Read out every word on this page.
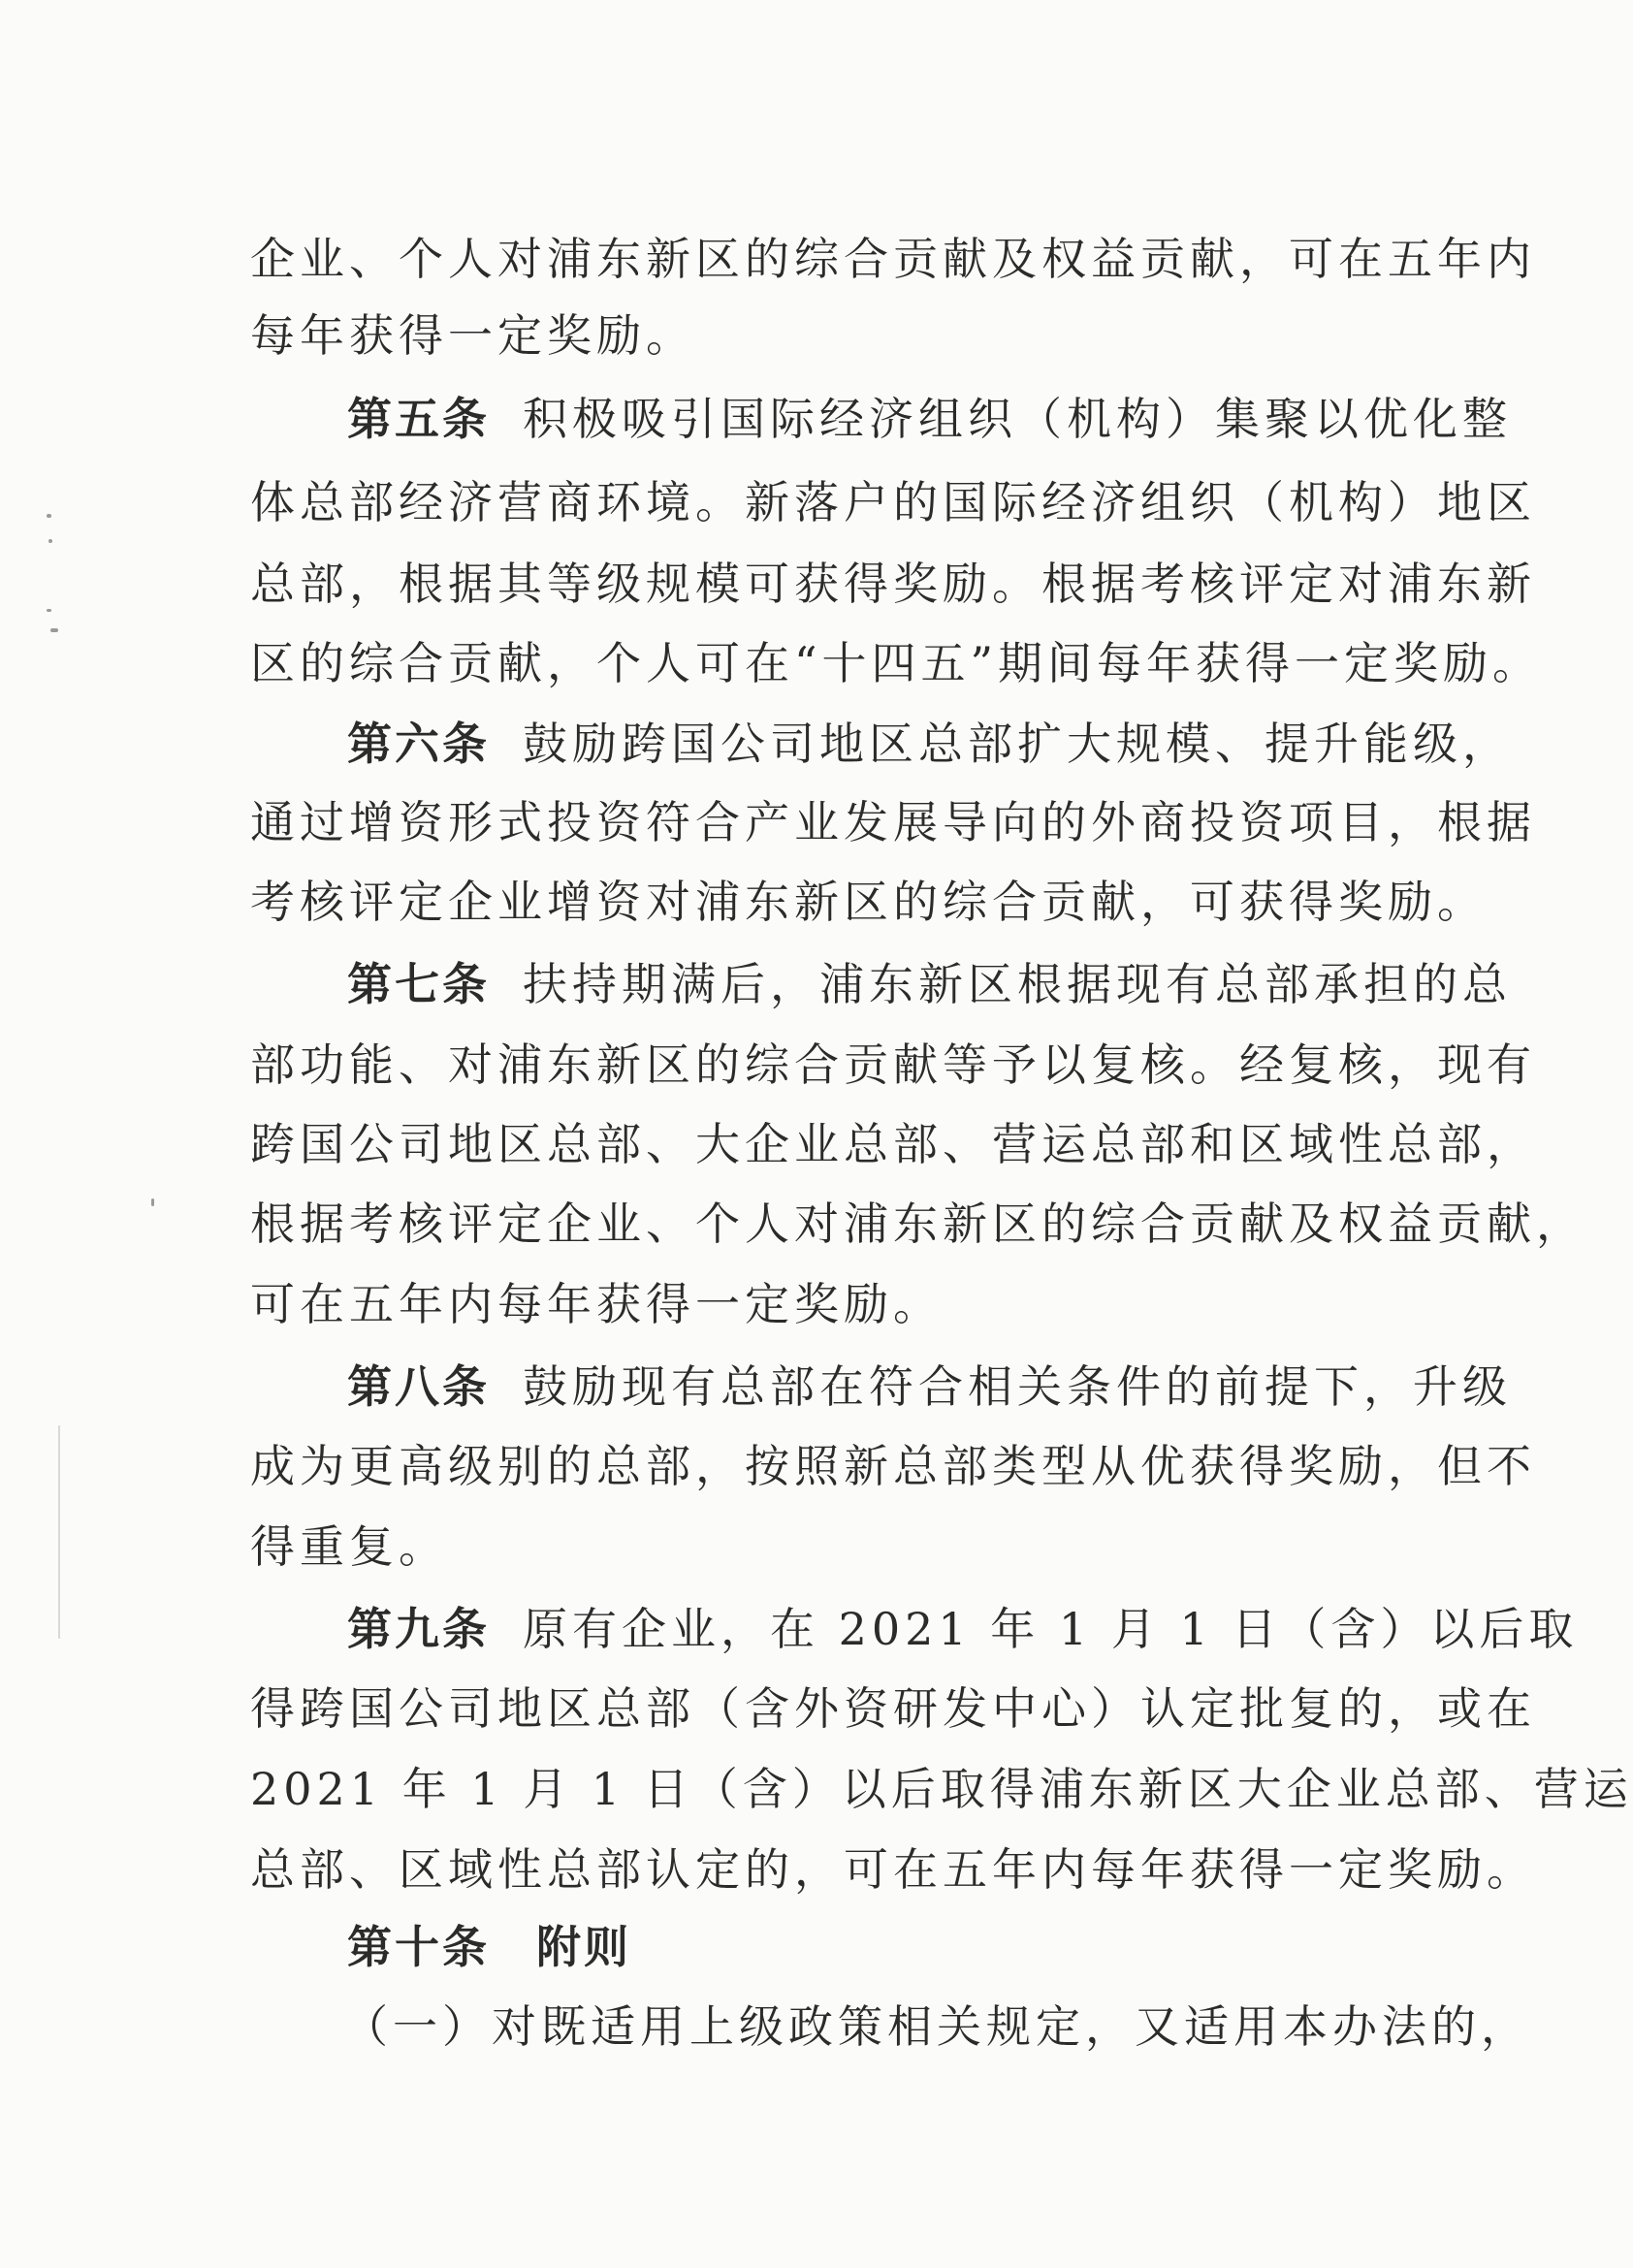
企业、个人对浦东新区的综合贡献及权益贡献，可在五年内
每年获得一定奖励。
第五条 积极吸引国际经济组织（机构）集聚以优化整
体总部经济营商环境。新落户的国际经济组织（机构）地区
总部，根据其等级规模可获得奖励。根据考核评定对浦东新
区的综合贡献，个人可在“十四五”期间每年获得一定奖励。
第六条 鼓励跨国公司地区总部扩大规模、提升能级，
通过增资形式投资符合产业发展导向的外商投资项目，根据
考核评定企业增资对浦东新区的综合贡献，可获得奖励。
第七条 扶持期满后，浦东新区根据现有总部承担的总
部功能、对浦东新区的综合贡献等予以复核。经复核，现有
跨国公司地区总部、大企业总部、营运总部和区域性总部，
根据考核评定企业、个人对浦东新区的综合贡献及权益贡献，
可在五年内每年获得一定奖励。
第八条 鼓励现有总部在符合相关条件的前提下，升级
成为更高级别的总部，按照新总部类型从优获得奖励，但不
得重复。
第九条 原有企业，在 2021 年 1 月 1 日（含）以后取
得跨国公司地区总部（含外资研发中心）认定批复的，或在
2021 年 1 月 1 日（含）以后取得浦东新区大企业总部、营运
总部、区域性总部认定的，可在五年内每年获得一定奖励。
第十条 附则
（一）对既适用上级政策相关规定，又适用本办法的，
